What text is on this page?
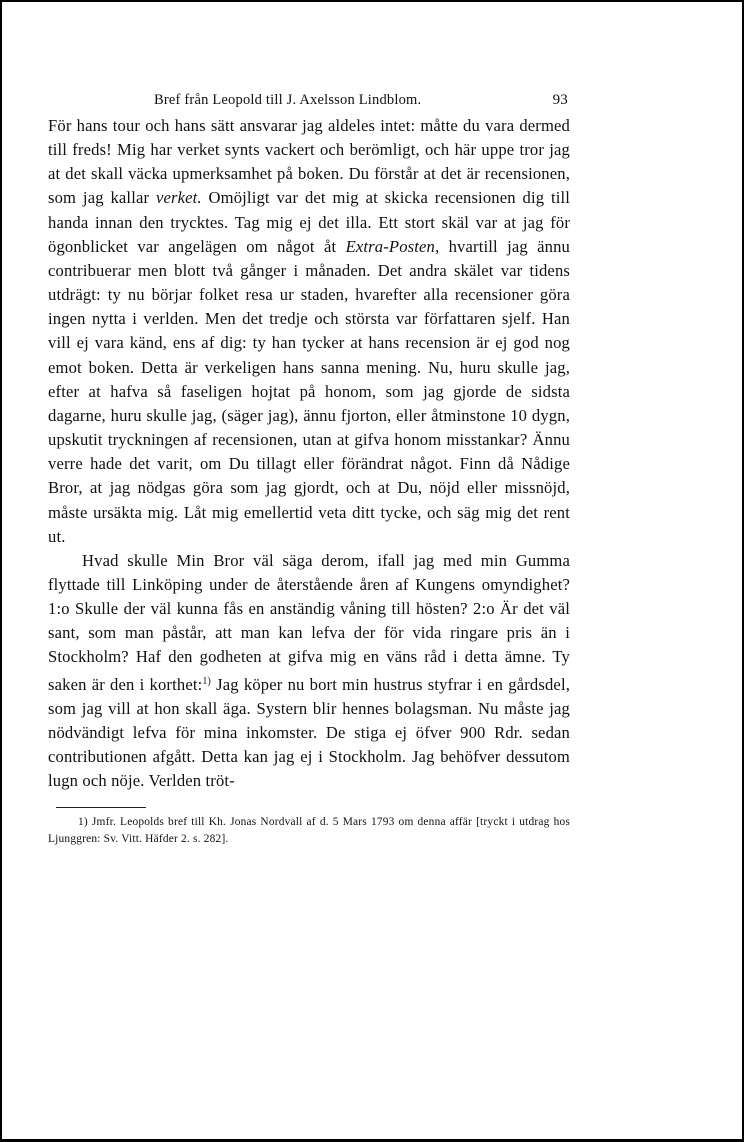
Bref från Leopold till J. Axelsson Lindblom.	93

För hans tour och hans sätt ansvarar jag aldeles intet: måtte du vara dermed till freds! Mig har verket synts vackert och berömligt, och här uppe tror jag at det skall väcka upmerksamhet på boken. Du förstår at det är recensionen, som jag kallar verket. Omöjligt var det mig at skicka recensionen dig till handa innan den trycktes. Tag mig ej det illa. Ett stort skäl var at jag för ögonblicket var angelägen om något åt Extra-Posten, hvartill jag ännu contribuerar men blott två gånger i månaden. Det andra skälet var tidens utdrägt: ty nu börjar folket resa ur staden, hvarefter alla recensioner göra ingen nytta i verlden. Men det tredje och största var författaren sjelf. Han vill ej vara känd, ens af dig: ty han tycker at hans recension är ej god nog emot boken. Detta är verkeligen hans sanna mening. Nu, huru skulle jag, efter at hafva så faseligen hojtat på honom, som jag gjorde de sidsta dagarne, huru skulle jag, (säger jag), ännu fjorton, eller åtminstone 10 dygn, upskutit tryckningen af recensionen, utan at gifva honom misstankar? Ännu verre hade det varit, om Du tillagt eller förändrat något. Finn då Nådige Bror, at jag nödgas göra som jag gjordt, och at Du, nöjd eller missnöjd, måste ursäkta mig. Låt mig emellertid veta ditt tycke, och säg mig det rent ut.

Hvad skulle Min Bror väl säga derom, ifall jag med min Gumma flyttade till Linköping under de återstående åren af Kungens omyndighet? 1:o Skulle der väl kunna fås en anständig våning till hösten? 2:o Är det väl sant, som man påstår, att man kan lefva der för vida ringare pris än i Stockholm? Haf den godheten at gifva mig en väns råd i detta ämne. Ty saken är den i korthet:$^{1)}$ Jag köper nu bort min hustrus styfrar i en gårdsdel, som jag vill at hon skall äga. Systern blir hennes bolagsman. Nu måste jag nödvändigt lefva för mina inkomster. De stiga ej öfver 900 Rdr. sedan contributionen afgått. Detta kan jag ej i Stockholm. Jag behöfver dessutom lugn och nöje. Verlden tröt-

1) Jmfr. Leopolds bref till Kh. Jonas Nordvall af d. 5 Mars 1793 om denna affär [tryckt i utdrag hos Ljunggren: Sv. Vitt. Häfder 2. s. 282].
